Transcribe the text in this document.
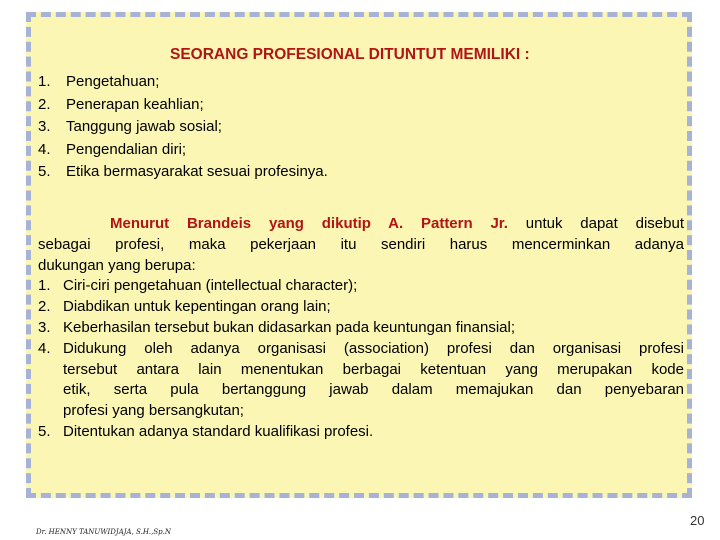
SEORANG PROFESIONAL DITUNTUT MEMILIKI :
1. Pengetahuan;
2. Penerapan keahlian;
3. Tanggung jawab sosial;
4. Pengendalian diri;
5. Etika bermasyarakat sesuai profesinya.

Menurut Brandeis yang dikutip A. Pattern Jr. untuk dapat disebut

sebagai profesi, maka pekerjaan itu sendiri harus mencerminkan adanya

dukungan yang berupa:

1. Ciri-ciri pengetahuan (intellectual character);
2. Diabdikan untuk kepentingan orang lain;
3. Keberhasilan tersebut bukan didasarkan pada keuntungan finansial;
4. Didukung oleh adanya organisasi (association) profesi dan organisasi profesi
tersebut antara lain menentukan berbagai ketentuan yang merupakan kode
etik, serta pula bertanggung jawab dalam memajukan dan penyebaran
profesi yang bersangkutan;
5. Ditentukan adanya standard kualifikasi profesi.
Dr. HENNY TANUWIDJAJA, S.H.,Sp.N
20
